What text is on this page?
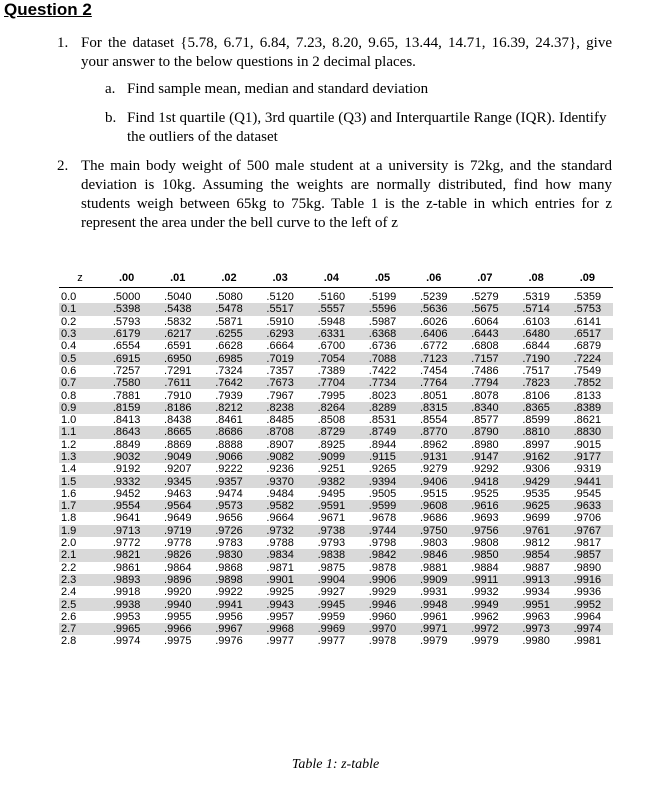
Question 2
1. For the dataset {5.78, 6.71, 6.84, 7.23, 8.20, 9.65, 13.44, 14.71, 16.39, 24.37}, give your answer to the below questions in 2 decimal places.
a. Find sample mean, median and standard deviation
b. Find 1st quartile (Q1), 3rd quartile (Q3) and Interquartile Range (IQR). Identify the outliers of the dataset
2. The main body weight of 500 male student at a university is 72kg, and the standard deviation is 10kg. Assuming the weights are normally distributed, find how many students weigh between 65kg to 75kg. Table 1 is the z-table in which entries for z represent the area under the bell curve to the left of z
z	.00	.01	.02	.03	.04	.05	.06	.07	.08	.09
0.0	.5000	.5040	.5080	.5120	.5160	.5199	.5239	.5279	.5319	.5359
0.1	.5398	.5438	.5478	.5517	.5557	.5596	.5636	.5675	.5714	.5753
0.2	.5793	.5832	.5871	.5910	.5948	.5987	.6026	.6064	.6103	.6141
0.3	.6179	.6217	.6255	.6293	.6331	.6368	.6406	.6443	.6480	.6517
0.4	.6554	.6591	.6628	.6664	.6700	.6736	.6772	.6808	.6844	.6879
0.5	.6915	.6950	.6985	.7019	.7054	.7088	.7123	.7157	.7190	.7224
0.6	.7257	.7291	.7324	.7357	.7389	.7422	.7454	.7486	.7517	.7549
0.7	.7580	.7611	.7642	.7673	.7704	.7734	.7764	.7794	.7823	.7852
0.8	.7881	.7910	.7939	.7967	.7995	.8023	.8051	.8078	.8106	.8133
0.9	.8159	.8186	.8212	.8238	.8264	.8289	.8315	.8340	.8365	.8389
1.0	.8413	.8438	.8461	.8485	.8508	.8531	.8554	.8577	.8599	.8621
1.1	.8643	.8665	.8686	.8708	.8729	.8749	.8770	.8790	.8810	.8830
1.2	.8849	.8869	.8888	.8907	.8925	.8944	.8962	.8980	.8997	.9015
1.3	.9032	.9049	.9066	.9082	.9099	.9115	.9131	.9147	.9162	.9177
1.4	.9192	.9207	.9222	.9236	.9251	.9265	.9279	.9292	.9306	.9319
1.5	.9332	.9345	.9357	.9370	.9382	.9394	.9406	.9418	.9429	.9441
1.6	.9452	.9463	.9474	.9484	.9495	.9505	.9515	.9525	.9535	.9545
1.7	.9554	.9564	.9573	.9582	.9591	.9599	.9608	.9616	.9625	.9633
1.8	.9641	.9649	.9656	.9664	.9671	.9678	.9686	.9693	.9699	.9706
1.9	.9713	.9719	.9726	.9732	.9738	.9744	.9750	.9756	.9761	.9767
2.0	.9772	.9778	.9783	.9788	.9793	.9798	.9803	.9808	.9812	.9817
2.1	.9821	.9826	.9830	.9834	.9838	.9842	.9846	.9850	.9854	.9857
2.2	.9861	.9864	.9868	.9871	.9875	.9878	.9881	.9884	.9887	.9890
2.3	.9893	.9896	.9898	.9901	.9904	.9906	.9909	.9911	.9913	.9916
2.4	.9918	.9920	.9922	.9925	.9927	.9929	.9931	.9932	.9934	.9936
2.5	.9938	.9940	.9941	.9943	.9945	.9946	.9948	.9949	.9951	.9952
2.6	.9953	.9955	.9956	.9957	.9959	.9960	.9961	.9962	.9963	.9964
2.7	.9965	.9966	.9967	.9968	.9969	.9970	.9971	.9972	.9973	.9974
2.8	.9974	.9975	.9976	.9977	.9977	.9978	.9979	.9979	.9980	.9981
Table 1: z-table
